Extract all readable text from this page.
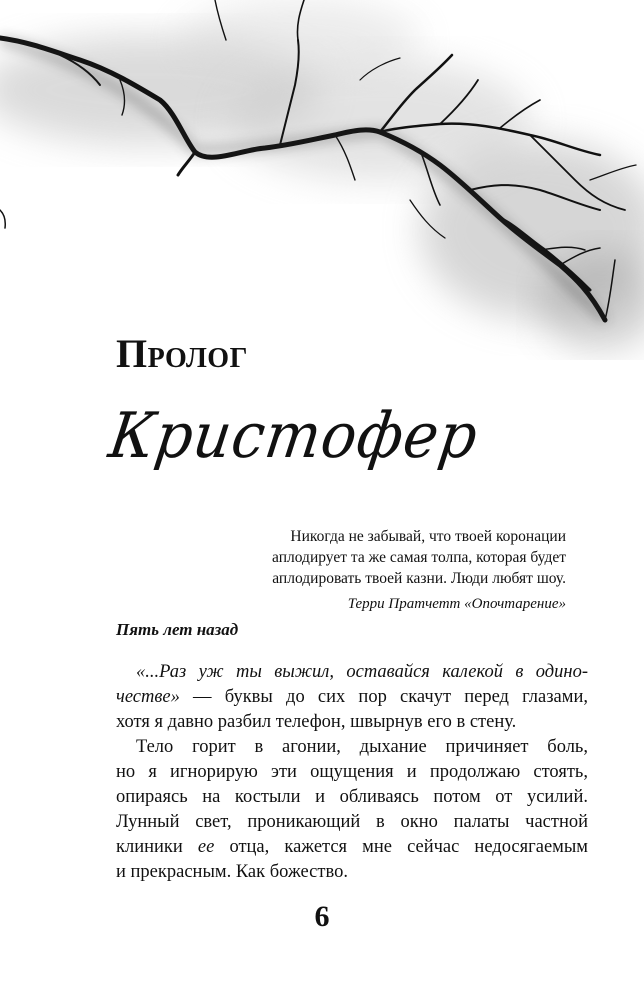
Пролог
Кристофер
Никогда не забывай, что твоей коронации
аплодирует та же самая толпа, которая будет
аплодировать твоей казни. Люди любят шоу.
Терри Пратчетт «Опочтарение»
Пять лет назад
«...Раз уж ты выжил, оставайся калекой в одино-
честве» — буквы до сих пор скачут перед глазами,
хотя я давно разбил телефон, швырнув его в стену.
Тело горит в агонии, дыхание причиняет боль,
но я игнорирую эти ощущения и продолжаю стоять,
опираясь на костыли и обливаясь потом от усилий.
Лунный свет, проникающий в окно палаты частной
клиники ее отца, кажется мне сейчас недосягаемым
и прекрасным. Как божество.
6
